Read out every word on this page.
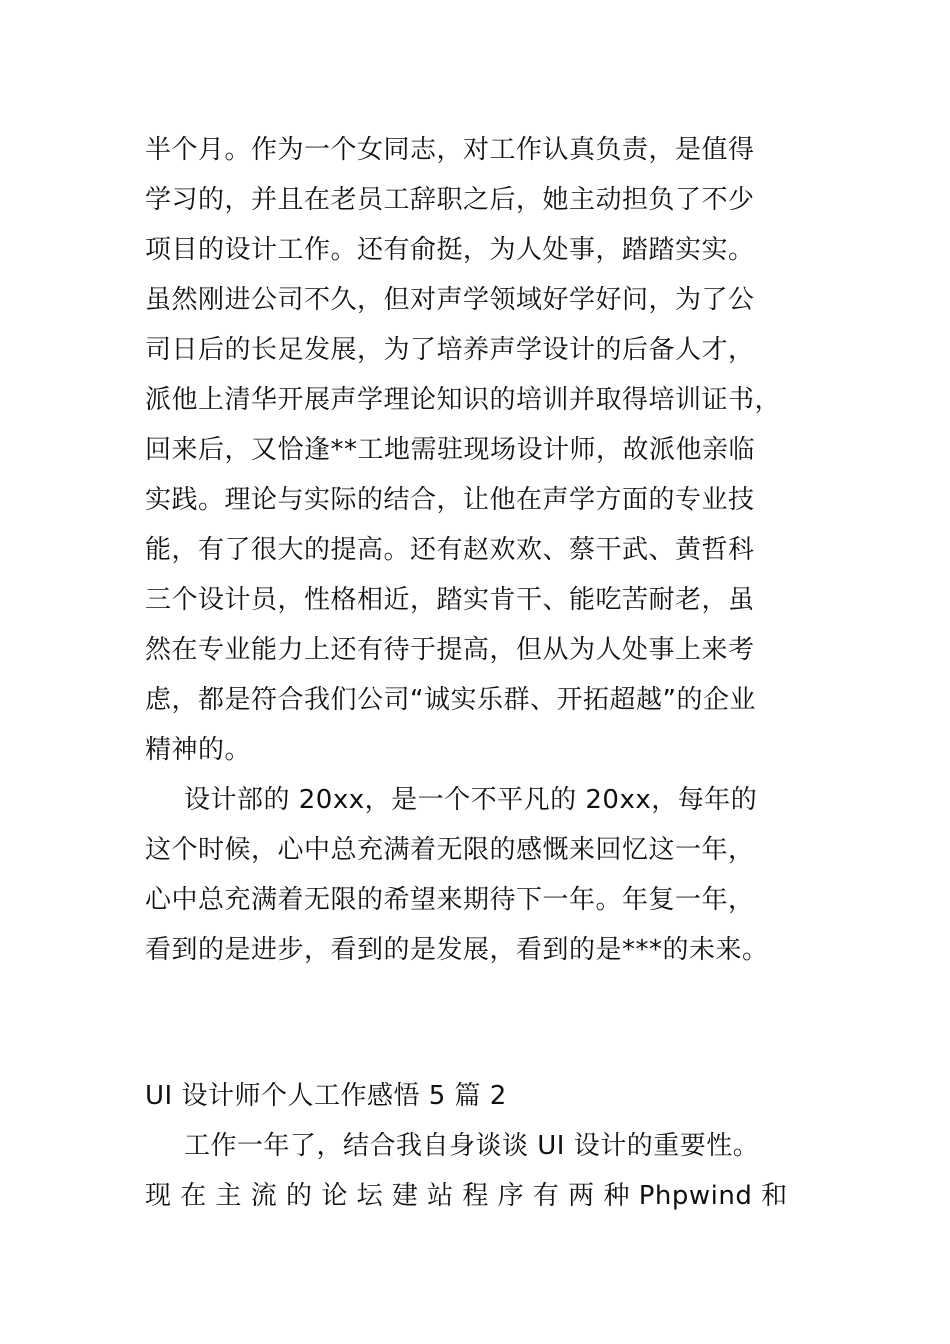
半个月。作为一个女同志，对工作认真负责，是值得
学习的，并且在老员工辞职之后，她主动担负了不少
项目的设计工作。还有俞挺，为人处事，踏踏实实。
虽然刚进公司不久，但对声学领域好学好问，为了公
司日后的长足发展，为了培养声学设计的后备人才，
派他上清华开展声学理论知识的培训并取得培训证书，
回来后，又恰逢**工地需驻现场设计师，故派他亲临
实践。理论与实际的结合，让他在声学方面的专业技
能，有了很大的提高。还有赵欢欢、蔡干武、黄哲科
三个设计员，性格相近，踏实肯干、能吃苦耐老，虽
然在专业能力上还有待于提高，但从为人处事上来考
虑，都是符合我们公司“诚实乐群、开拓超越”的企业
精神的。
设计部的 20xx，是一个不平凡的 20xx，每年的
这个时候，心中总充满着无限的感慨来回忆这一年，
心中总充满着无限的希望来期待下一年。年复一年，
看到的是进步，看到的是发展，看到的是***的未来。
UI 设计师个人工作感悟 5 篇 2
工作一年了，结合我自身谈谈 UI 设计的重要性。
现 在 主 流 的 论 坛 建 站 程 序 有 两 种 Phpwind 和
